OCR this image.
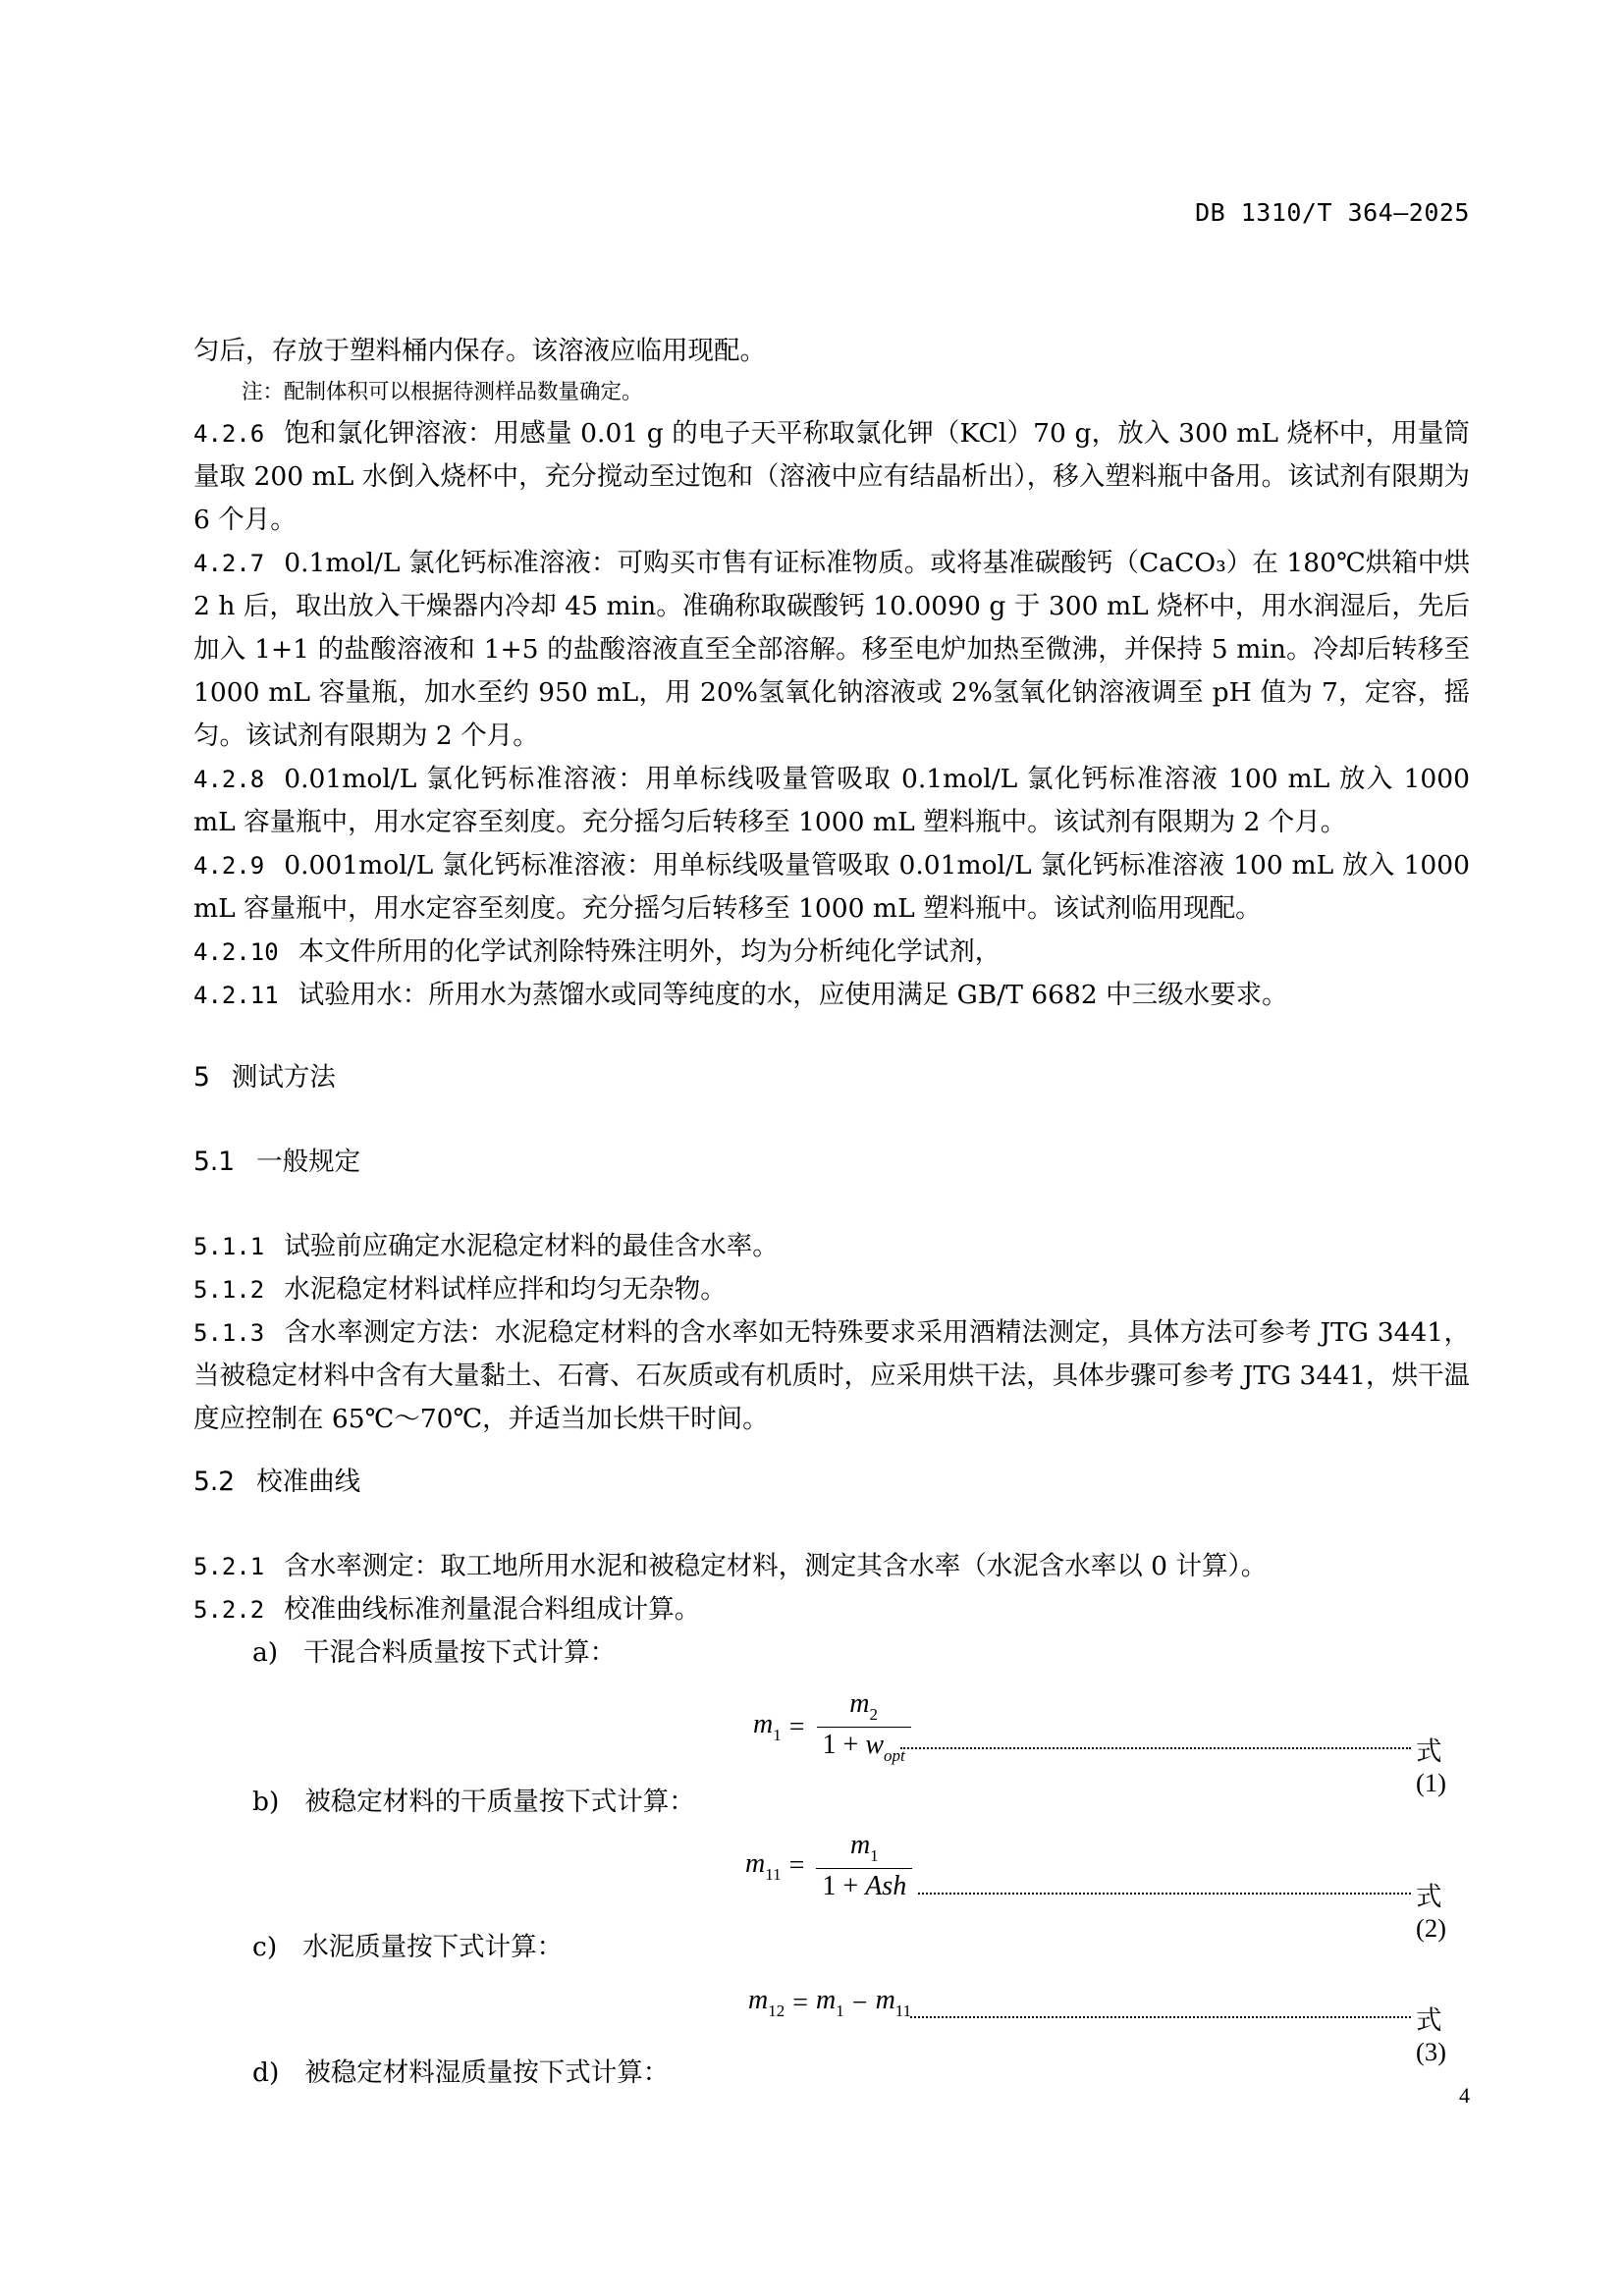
DB 1310/T 364—2025

匀后，存放于塑料桶内保存。该溶液应临用现配。

注：配制体积可以根据待测样品数量确定。

4.2.6 饱和氯化钾溶液：用感量 0.01 g 的电子天平称取氯化钾（KCl）70 g，放入 300 mL 烧杯中，用量筒量取 200 mL 水倒入烧杯中，充分搅动至过饱和（溶液中应有结晶析出），移入塑料瓶中备用。该试剂有限期为 6 个月。

4.2.7 0.1mol/L 氯化钙标准溶液：可购买市售有证标准物质。或将基准碳酸钙（CaCO₃）在 180℃烘箱中烘 2 h 后，取出放入干燥器内冷却 45 min。准确称取碳酸钙 10.0090 g 于 300 mL 烧杯中，用水润湿后，先后加入 1+1 的盐酸溶液和 1+5 的盐酸溶液直至全部溶解。移至电炉加热至微沸，并保持 5 min。冷却后转移至 1000 mL 容量瓶，加水至约 950 mL，用 20%氢氧化钠溶液或 2%氢氧化钠溶液调至 pH 值为 7，定容，摇匀。该试剂有限期为 2 个月。

4.2.8 0.01mol/L 氯化钙标准溶液：用单标线吸量管吸取 0.1mol/L 氯化钙标准溶液 100 mL 放入 1000 mL 容量瓶中，用水定容至刻度。充分摇匀后转移至 1000 mL 塑料瓶中。该试剂有限期为 2 个月。

4.2.9 0.001mol/L 氯化钙标准溶液：用单标线吸量管吸取 0.01mol/L 氯化钙标准溶液 100 mL 放入 1000 mL 容量瓶中，用水定容至刻度。充分摇匀后转移至 1000 mL 塑料瓶中。该试剂临用现配。

4.2.10 本文件所用的化学试剂除特殊注明外，均为分析纯化学试剂，

4.2.11 试验用水：所用水为蒸馏水或同等纯度的水，应使用满足 GB/T 6682 中三级水要求。

5 测试方法
5.1 一般规定

5.1.1 试验前应确定水泥稳定材料的最佳含水率。

5.1.2 水泥稳定材料试样应拌和均匀无杂物。

5.1.3 含水率测定方法：水泥稳定材料的含水率如无特殊要求采用酒精法测定，具体方法可参考 JTG 3441，当被稳定材料中含有大量黏土、石膏、石灰质或有机质时，应采用烘干法，具体步骤可参考 JTG 3441，烘干温度应控制在 65℃～70℃，并适当加长烘干时间。

5.2 校准曲线

5.2.1 含水率测定：取工地所用水泥和被稳定材料，测定其含水率（水泥含水率以 0 计算）。

5.2.2 校准曲线标准剂量混合料组成计算。

a) 干混合料质量按下式计算：

$m_1 = \frac{m_2}{1 + w_{opt}}$	式(1)

b) 被稳定材料的干质量按下式计算：

$m_{11} = \frac{m_1}{\text{1 + Ash}}$	式(2)

c) 水泥质量按下式计算：

$m_{12} = m_1 - m_{11}$	式(3)

d) 被稳定材料湿质量按下式计算：

4
